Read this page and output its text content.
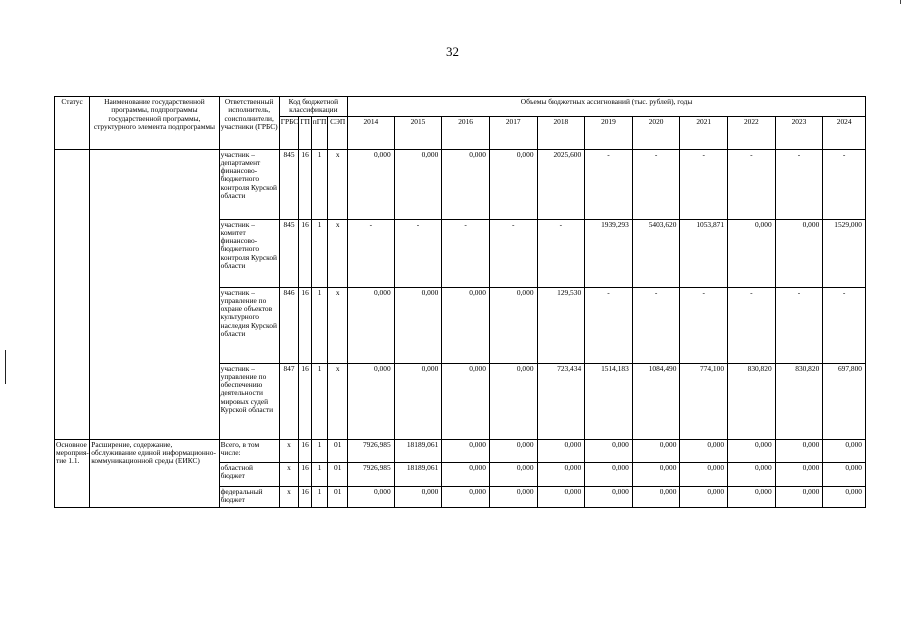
32
Статус	Наименование государственной программы, подпрограммы государственной программы, структурного элемента подпрограммы	Ответственный исполнитель, соисполнители, участники (ГРБС)	Код бюджетной классификации				Объемы бюджетных ассигнований (тыс. рублей), годы										
			ГРБС	ГП	пГП	СЭП	2014	2015	2016	2017	2018	2019	2020	2021	2022	2023	2024
		участник – департамент финансово-бюджетного контроля Курской области	845	16	1	х	0,000	0,000	0,000	0,000	2025,600	-	-	-	-	-	-
		участник – комитет финансово-бюджетного контроля Курской области	845	16	1	х	-	-	-	-	-	1939,293	5403,620	1053,871	0,000	0,000	1529,000
		участник – управление по охране объектов культурного наследия Курской области	846	16	1	х	0,000	0,000	0,000	0,000	129,530	-	-	-	-	-	-
		участник – управление по обеспечению деятельности мировых судей Курской области	847	16	1	х	0,000	0,000	0,000	0,000	723,434	1514,183	1084,490	774,100	830,820	830,820	697,800
Основное мероприя-тие 1.1.	Расширение, содержание, обслуживание единой информационно-коммуникационной среды (ЕИКС)	Всего, в том числе:	х	16	1	01	7926,985	18189,061	0,000	0,000	0,000	0,000	0,000	0,000	0,000	0,000	0,000
		областной бюджет	х	16	1	01	7926,985	18189,061	0,000	0,000	0,000	0,000	0,000	0,000	0,000	0,000	0,000
		федеральный бюджет	х	16	1	01	0,000	0,000	0,000	0,000	0,000	0,000	0,000	0,000	0,000	0,000	0,000
